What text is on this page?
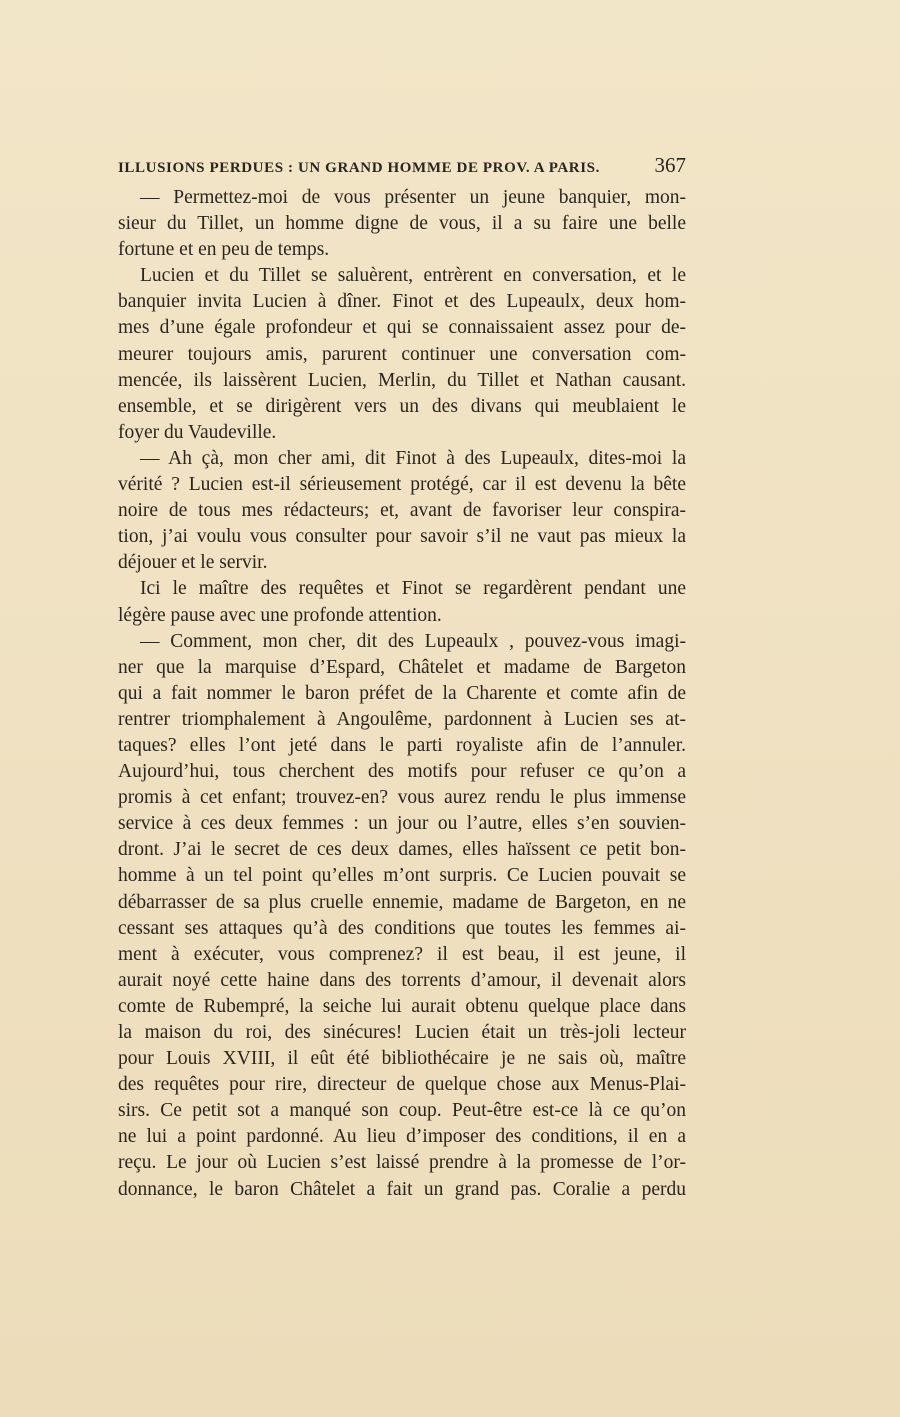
ILLUSIONS PERDUES : UN GRAND HOMME DE PROV. A PARIS.	367
— Permettez-moi de vous présenter un jeune banquier, mon-
sieur du Tillet, un homme digne de vous, il a su faire une belle
fortune et en peu de temps.
Lucien et du Tillet se saluèrent, entrèrent en conversation, et le
banquier invita Lucien à dîner. Finot et des Lupeaulx, deux hom-
mes d’une égale profondeur et qui se connaissaient assez pour de-
meurer toujours amis, parurent continuer une conversation com-
mencée, ils laissèrent Lucien, Merlin, du Tillet et Nathan causant.
ensemble, et se dirigèrent vers un des divans qui meublaient le
foyer du Vaudeville.
— Ah çà, mon cher ami, dit Finot à des Lupeaulx, dites-moi la
vérité ? Lucien est-il sérieusement protégé, car il est devenu la bête
noire de tous mes rédacteurs; et, avant de favoriser leur conspira-
tion, j’ai voulu vous consulter pour savoir s’il ne vaut pas mieux la
déjouer et le servir.
Ici le maître des requêtes et Finot se regardèrent pendant une
légère pause avec une profonde attention.
— Comment, mon cher, dit des Lupeaulx , pouvez-vous imagi-
ner que la marquise d’Espard, Châtelet et madame de Bargeton
qui a fait nommer le baron préfet de la Charente et comte afin de
rentrer triomphalement à Angoulême, pardonnent à Lucien ses at-
taques? elles l’ont jeté dans le parti royaliste afin de l’annuler.
Aujourd’hui, tous cherchent des motifs pour refuser ce qu’on a
promis à cet enfant; trouvez-en? vous aurez rendu le plus immense
service à ces deux femmes : un jour ou l’autre, elles s’en souvien-
dront. J’ai le secret de ces deux dames, elles haïssent ce petit bon-
homme à un tel point qu’elles m’ont surpris. Ce Lucien pouvait se
débarrasser de sa plus cruelle ennemie, madame de Bargeton, en ne
cessant ses attaques qu’à des conditions que toutes les femmes ai-
ment à exécuter, vous comprenez? il est beau, il est jeune, il
aurait noyé cette haine dans des torrents d’amour, il devenait alors
comte de Rubempré, la seiche lui aurait obtenu quelque place dans
la maison du roi, des sinécures! Lucien était un très-joli lecteur
pour Louis XVIII, il eût été bibliothécaire je ne sais où, maître
des requêtes pour rire, directeur de quelque chose aux Menus-Plai-
sirs. Ce petit sot a manqué son coup. Peut-être est-ce là ce qu’on
ne lui a point pardonné. Au lieu d’imposer des conditions, il en a
reçu. Le jour où Lucien s’est laissé prendre à la promesse de l’or-
donnance, le baron Châtelet a fait un grand pas. Coralie a perdu
